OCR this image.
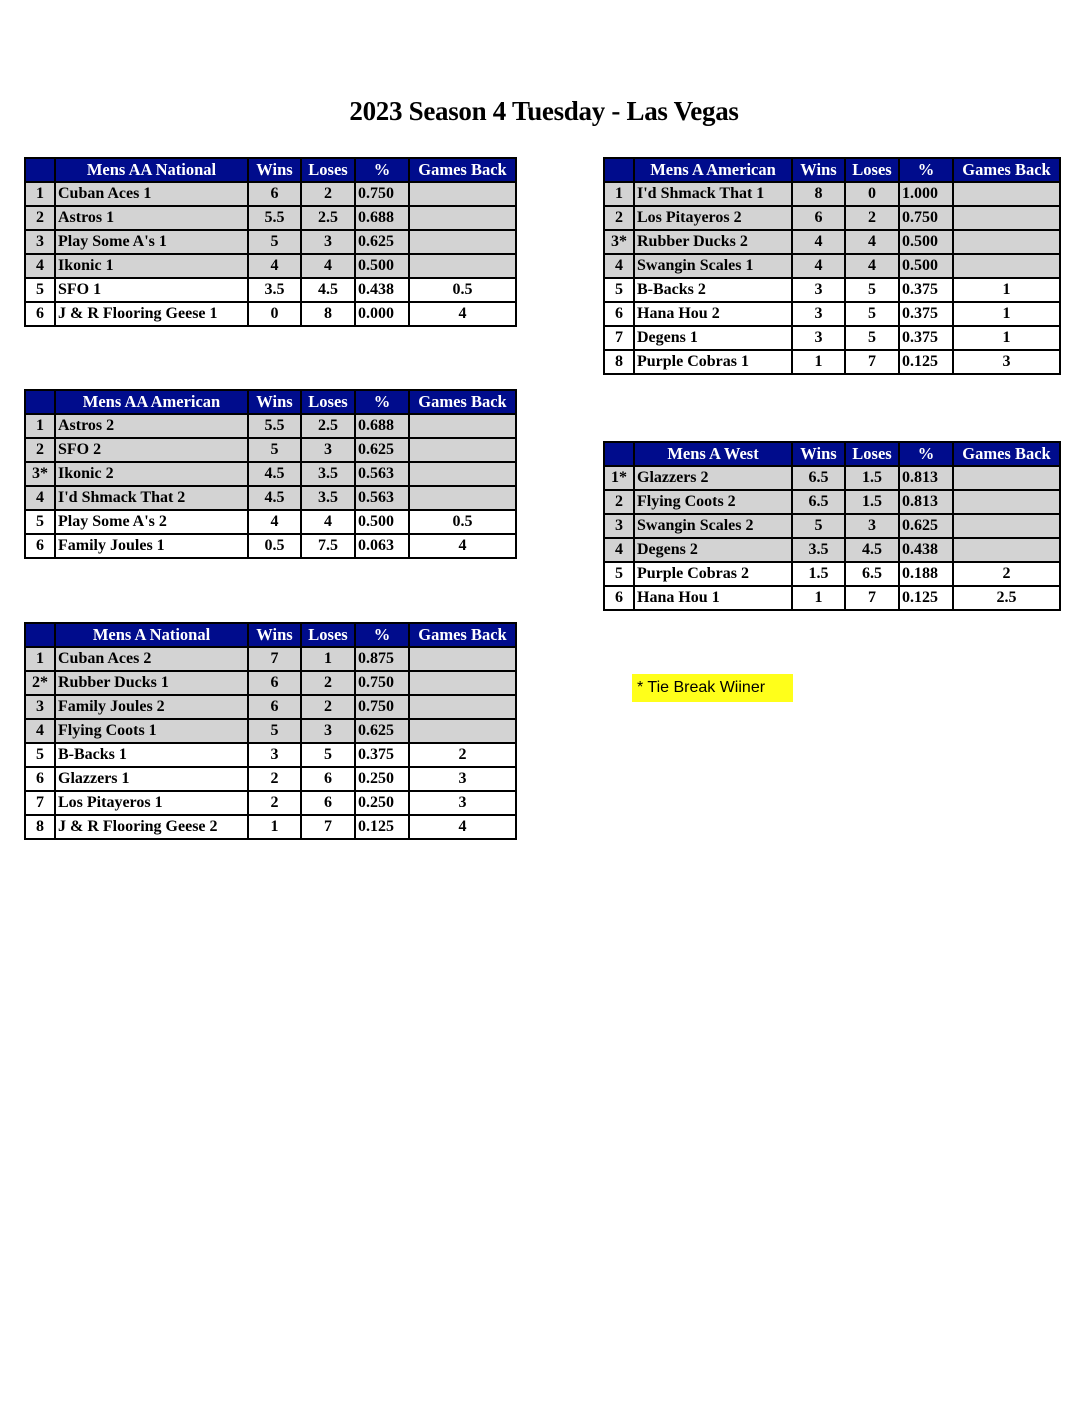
2023 Season 4 Tuesday - Las Vegas
	Mens AA National	Wins	Loses	%	Games Back
1	Cuban Aces 1	6	2	0.750	
2	Astros 1	5.5	2.5	0.688	
3	Play Some A's 1	5	3	0.625	
4	Ikonic 1	4	4	0.500	
5	SFO 1	3.5	4.5	0.438	0.5
6	J & R Flooring Geese 1	0	8	0.000	4
	Mens AA American	Wins	Loses	%	Games Back
1	Astros 2	5.5	2.5	0.688	
2	SFO 2	5	3	0.625	
3*	Ikonic 2	4.5	3.5	0.563	
4	I'd Shmack That 2	4.5	3.5	0.563	
5	Play Some A's 2	4	4	0.500	0.5
6	Family Joules 1	0.5	7.5	0.063	4
	Mens A National	Wins	Loses	%	Games Back
1	Cuban Aces 2	7	1	0.875	
2*	Rubber Ducks 1	6	2	0.750	
3	Family Joules 2	6	2	0.750	
4	Flying Coots 1	5	3	0.625	
5	B-Backs 1	3	5	0.375	2
6	Glazzers 1	2	6	0.250	3
7	Los Pitayeros 1	2	6	0.250	3
8	J & R Flooring Geese 2	1	7	0.125	4
	Mens A American	Wins	Loses	%	Games Back
1	I'd Shmack That 1	8	0	1.000	
2	Los Pitayeros 2	6	2	0.750	
3*	Rubber Ducks 2	4	4	0.500	
4	Swangin Scales 1	4	4	0.500	
5	B-Backs 2	3	5	0.375	1
6	Hana Hou 2	3	5	0.375	1
7	Degens 1	3	5	0.375	1
8	Purple Cobras 1	1	7	0.125	3
	Mens A West	Wins	Loses	%	Games Back
1*	Glazzers 2	6.5	1.5	0.813	
2	Flying Coots 2	6.5	1.5	0.813	
3	Swangin Scales 2	5	3	0.625	
4	Degens 2	3.5	4.5	0.438	
5	Purple Cobras 2	1.5	6.5	0.188	2
6	Hana Hou 1	1	7	0.125	2.5
* Tie Break Wiiner
